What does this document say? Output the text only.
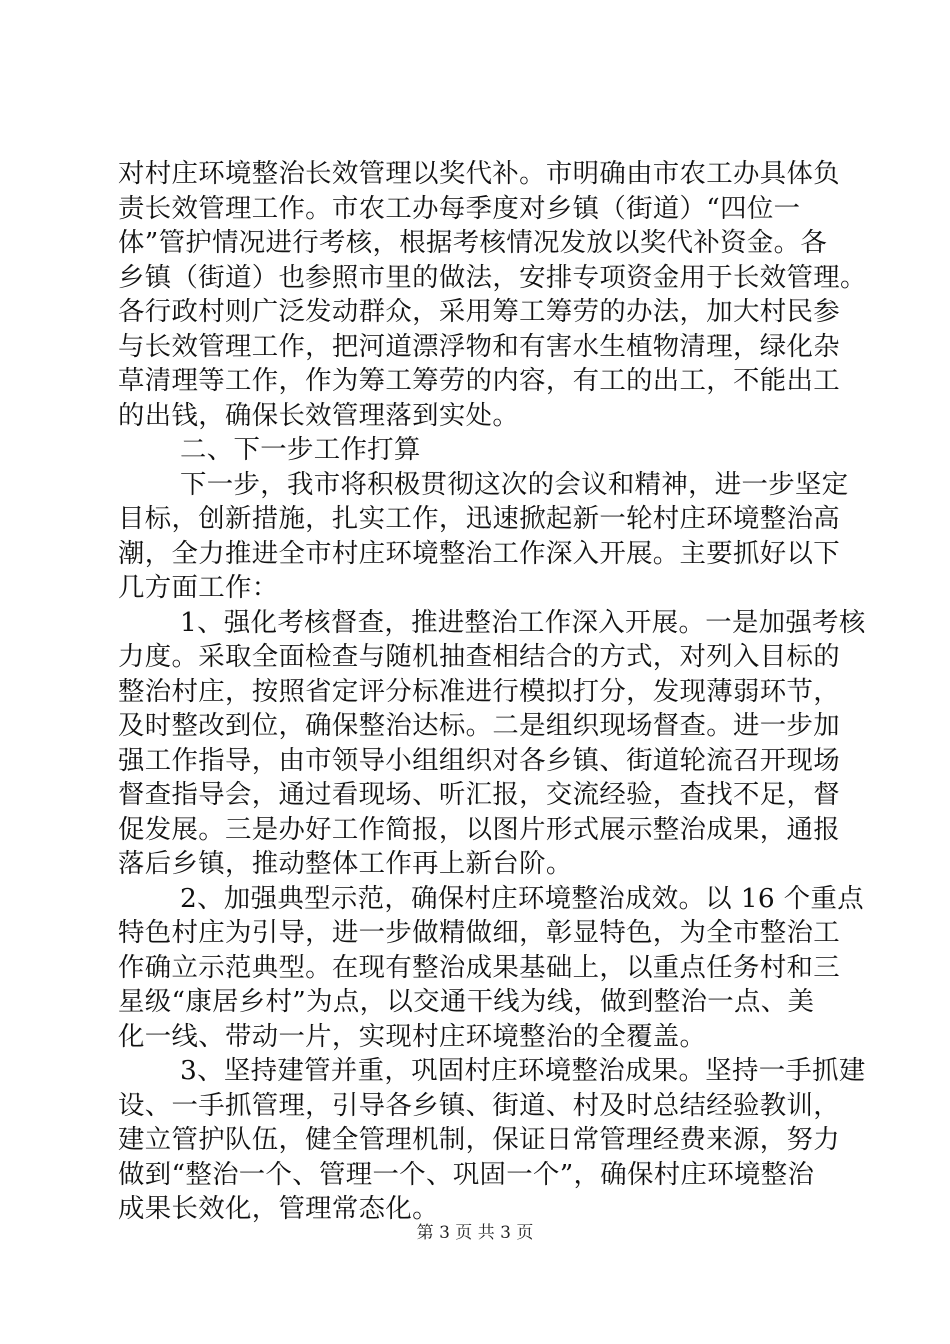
对村庄环境整治长效管理以奖代补。市明确由市农工办具体负
责长效管理工作。市农工办每季度对乡镇（街道）“四位一
体”管护情况进行考核，根据考核情况发放以奖代补资金。各
乡镇（街道）也参照市里的做法，安排专项资金用于长效管理。
各行政村则广泛发动群众，采用筹工筹劳的办法，加大村民参
与长效管理工作，把河道漂浮物和有害水生植物清理，绿化杂
草清理等工作，作为筹工筹劳的内容，有工的出工，不能出工
的出钱，确保长效管理落到实处。
二、下一步工作打算
下一步，我市将积极贯彻这次的会议和精神，进一步坚定
目标，创新措施，扎实工作，迅速掀起新一轮村庄环境整治高
潮，全力推进全市村庄环境整治工作深入开展。主要抓好以下
几方面工作：
1、强化考核督查，推进整治工作深入开展。一是加强考核
力度。采取全面检查与随机抽查相结合的方式，对列入目标的
整治村庄，按照省定评分标准进行模拟打分，发现薄弱环节，
及时整改到位，确保整治达标。二是组织现场督查。进一步加
强工作指导，由市领导小组组织对各乡镇、街道轮流召开现场
督查指导会，通过看现场、听汇报，交流经验，查找不足，督
促发展。三是办好工作简报，以图片形式展示整治成果，通报
落后乡镇，推动整体工作再上新台阶。
2、加强典型示范，确保村庄环境整治成效。以 16 个重点
特色村庄为引导，进一步做精做细，彰显特色，为全市整治工
作确立示范典型。在现有整治成果基础上，以重点任务村和三
星级“康居乡村”为点，以交通干线为线，做到整治一点、美
化一线、带动一片，实现村庄环境整治的全覆盖。
3、坚持建管并重，巩固村庄环境整治成果。坚持一手抓建
设、一手抓管理，引导各乡镇、街道、村及时总结经验教训，
建立管护队伍，健全管理机制，保证日常管理经费来源，努力
做到“整治一个、管理一个、巩固一个”，确保村庄环境整治
成果长效化，管理常态化。
第 3 页 共 3 页
